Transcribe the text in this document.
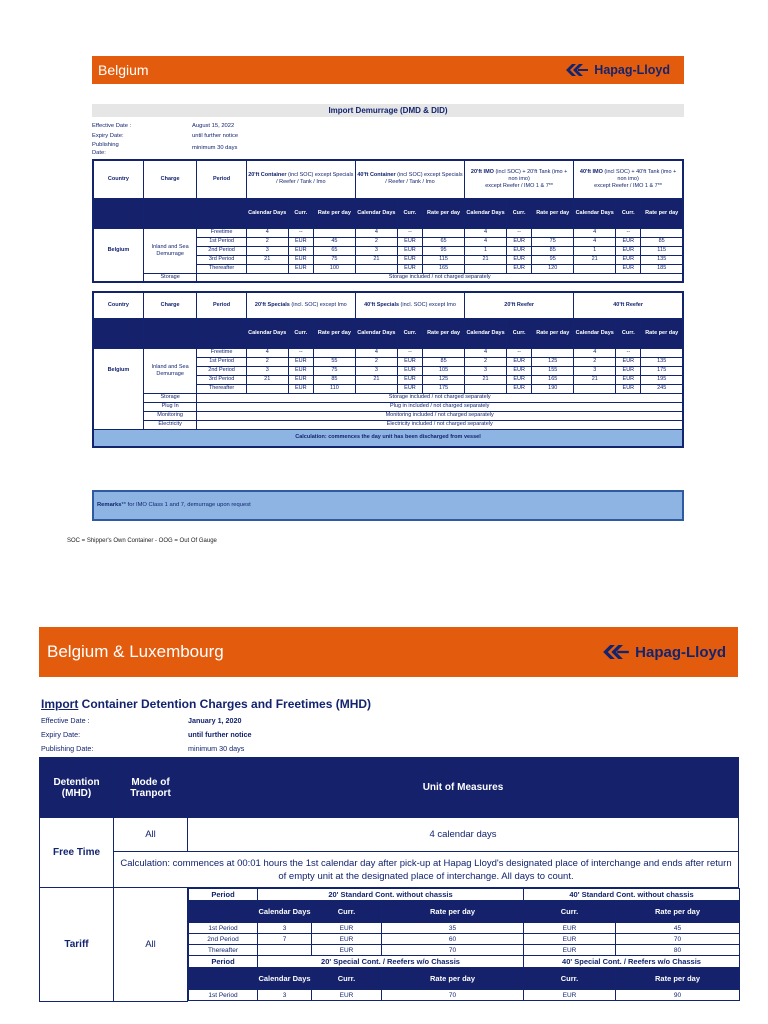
Belgium	Hapag-Lloyd
Import Demurrage (DMD & DID)
Effective Date :	August 15, 2022
Expiry Date:	until further notice
Publishing Date:
minimum 30 days
Country	Charge	Period	20'ft Container (incl SOC) except Specials / Reefer / Tank / Imo			40'ft Container (incl SOC) except Specials / Reefer / Tank / Imo			20'ft IMO (incl SOC) + 20'ft Tank (imo + non imo)
except Reefer / IMO 1 & 7**			40'ft IMO (incl SOC) + 40'ft Tank (imo + non imo)
except Reefer / IMO 1 & 7**		
			Calendar Days	Curr.	Rate per day	Calendar Days	Curr.	Rate per day	Calendar Days	Curr.	Rate per day	Calendar Days	Curr.	Rate per day
Belgium	Inland and Sea Demurrage	Freetime	4	--		4	--		4	--		4	--	
		1st Period	2	EUR	45	2	EUR	65	4	EUR	75	4	EUR	85
		2nd Period	3	EUR	65	3	EUR	95	1	EUR	85	1	EUR	115
		3rd Period	21	EUR	75	21	EUR	115	21	EUR	95	21	EUR	135
		Thereafter		EUR	100		EUR	165		EUR	120		EUR	185
	Storage	Storage included / not charged separately												
Country	Charge	Period	20'ft Specials (incl. SOC) except Imo			40'ft Specials (incl. SOC) except Imo			20'ft Reefer			40'ft Reefer		
			Calendar Days	Curr.	Rate per day	Calendar Days	Curr.	Rate per day	Calendar Days	Curr.	Rate per day	Calendar Days	Curr.	Rate per day
Belgium	Inland and Sea Demurrage	Freetime	4	--		4	--		4	--		4	--	
		1st Period	2	EUR	55	2	EUR	85	2	EUR	125	2	EUR	135
		2nd Period	3	EUR	75	3	EUR	105	3	EUR	155	3	EUR	175
		3rd Period	21	EUR	85	21	EUR	125	21	EUR	165	21	EUR	195
		Thereafter		EUR	110		EUR	175		EUR	190		EUR	245
	Storage	Storage included / not charged separately												
	Plug In	Plug in included / not charged separately												
	Monitoring	Monitoring included / not charged separately												
	Electricity	Electricity included / not charged separately												
Calculation: commences the day unit has been discharged from vessel														
Remarks** for IMO Class 1 and 7, demurrage upon request
SOC = Shipper's Own Container - OOG = Out Of Gauge
Belgium & Luxembourg	Hapag-Lloyd
Import Container Detention Charges and Freetimes (MHD)
Effective Date :	January 1, 2020
Expiry Date:	until further notice
Publishing Date:	minimum 30 days
Detention (MHD)	Mode of Tranport	Unit of Measures
Free Time	All	4 calendar days
Calculation: commences at 00:01 hours the 1st calendar day after pick-up at Hapag Lloyd's designated place of interchange and ends after return of empty unit at the designated place of interchange. All days to count.
Tariff	All	
Period	20' Standard Cont. without chassis	40' Standard Cont. without chassis
	Calendar Days	Curr.	Rate per day	Curr.	Rate per day
1st Period	3	EUR	35	EUR	45
2nd Period	7	EUR	60	EUR	70
Thereafter		EUR	70	EUR	80
Period	20' Special Cont. / Reefers w/o Chassis	40' Special Cont. / Reefers w/o Chassis
	Calendar Days	Curr.	Rate per day	Curr.	Rate per day
1st Period	3	EUR	70	EUR	90
